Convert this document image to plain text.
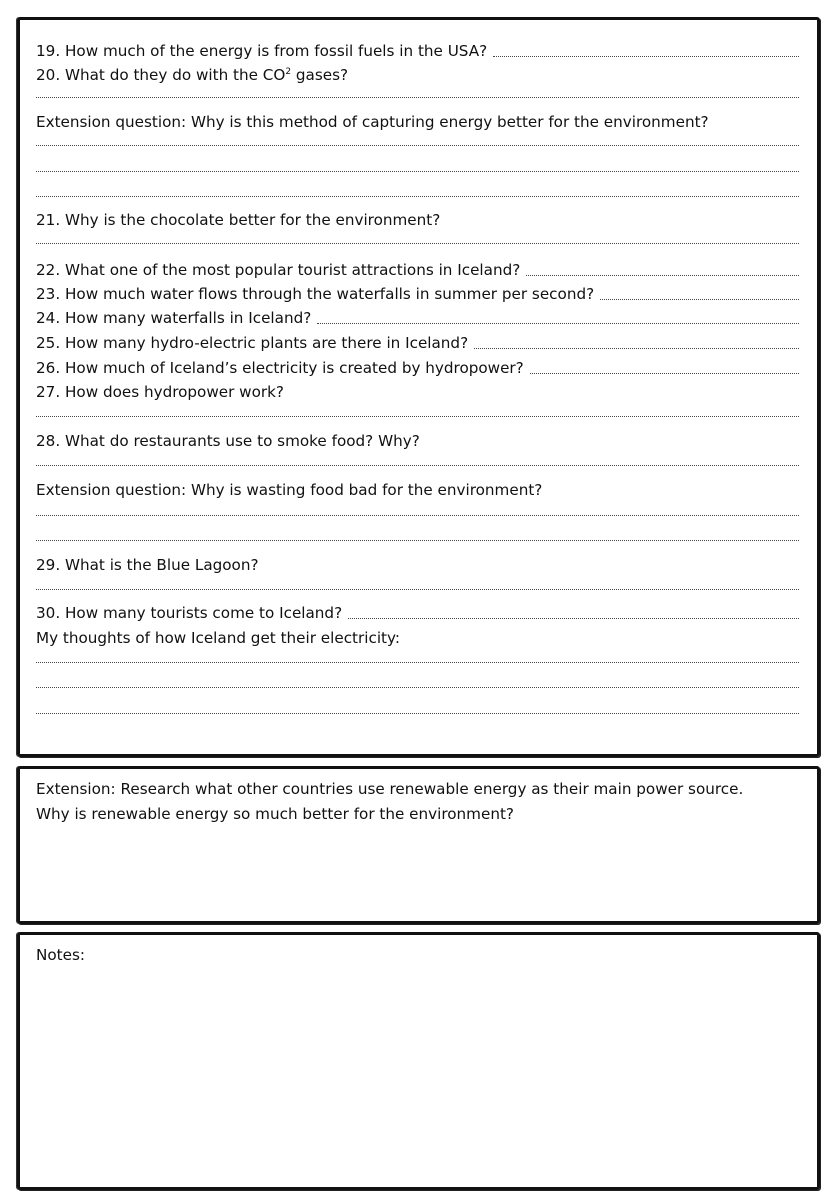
19. How much of the energy is from fossil fuels in the USA?
20. What do they do with the $CO^2$ gases?
Extension question: Why is this method of capturing energy better for the environment?
21. Why is the chocolate better for the environment?
22. What one of the most popular tourist attractions in Iceland?
23. How much water flows through the waterfalls in summer per second?
24. How many waterfalls in Iceland?
25. How many hydro-electric plants are there in Iceland?
26. How much of Iceland’s electricity is created by hydropower?
27. How does hydropower work?
28. What do restaurants use to smoke food? Why?
Extension question: Why is wasting food bad for the environment?
29. What is the Blue Lagoon?
30. How many tourists come to Iceland?
My thoughts of how Iceland get their electricity:
Extension: Research what other countries use renewable energy as their main power source.
Why is renewable energy so much better for the environment?
Notes:
